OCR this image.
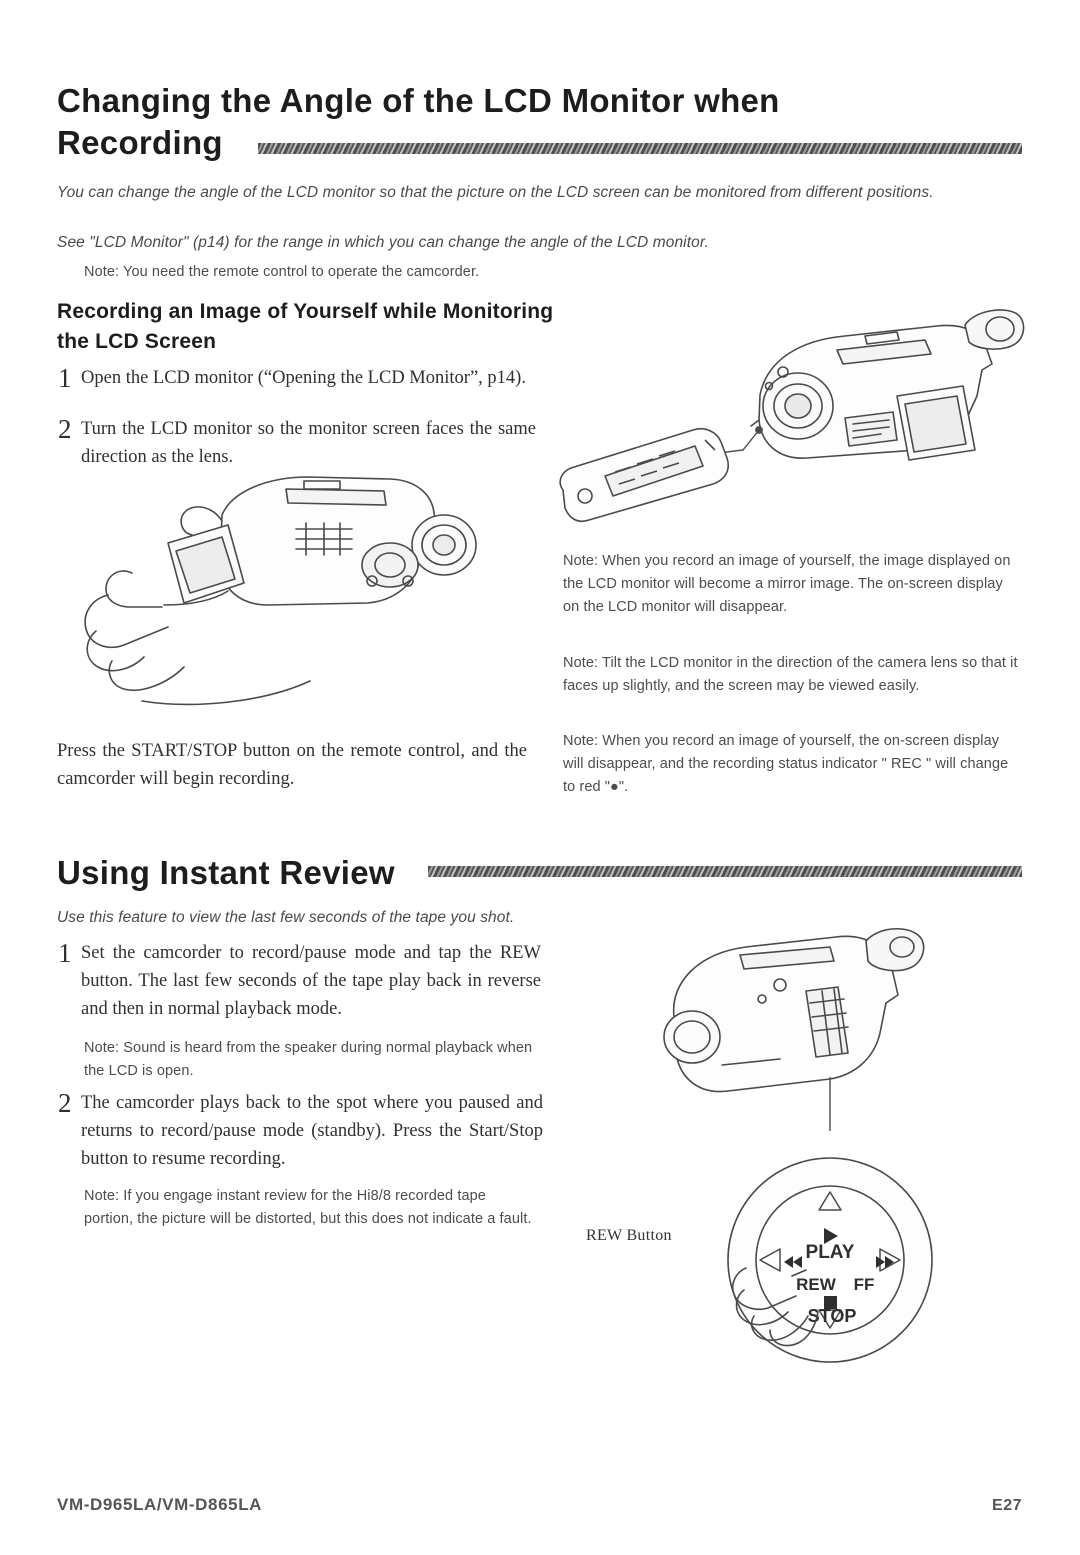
Changing the Angle of the LCD Monitor when Recording
You can change the angle of the LCD monitor so that the picture on the LCD screen can be monitored from different positions.
See "LCD Monitor" (p14) for the range in which you can change the angle of the LCD monitor.
Note: You need the remote control to operate the camcorder.
Recording an Image of Yourself while Monitoring the LCD Screen
1 Open the LCD monitor (“Opening the LCD Monitor”, p14).
2 Turn the LCD monitor so the monitor screen faces the same direction as the lens.
Press the START/STOP button on the remote control, and the camcorder will begin recording.
Note: When you record an image of yourself, the image displayed on the LCD monitor will become a mirror image. The on-screen display on the LCD monitor will disappear.
Note: Tilt the LCD monitor in the direction of the camera lens so that it faces up slightly, and the screen may be viewed easily.
Note: When you record an image of yourself, the on-screen display will disappear, and the recording status indicator " REC " will change to red "●".
Using Instant Review
Use this feature to view the last few seconds of the tape you shot.
1 Set the camcorder to record/pause mode and tap the REW button. The last few seconds of the tape play back in reverse and then in normal playback mode.
Note: Sound is heard from the speaker during normal playback when the LCD is open.
2 The camcorder plays back to the spot where you paused and returns to record/pause mode (standby). Press the Start/Stop button to resume recording.
Note: If you engage instant review for the Hi8/8 recorded tape portion, the picture will be distorted, but this does not indicate a fault.
PLAY
REW FF
STOP
REW Button
VM-D965LA/VM-D865LA	E27
